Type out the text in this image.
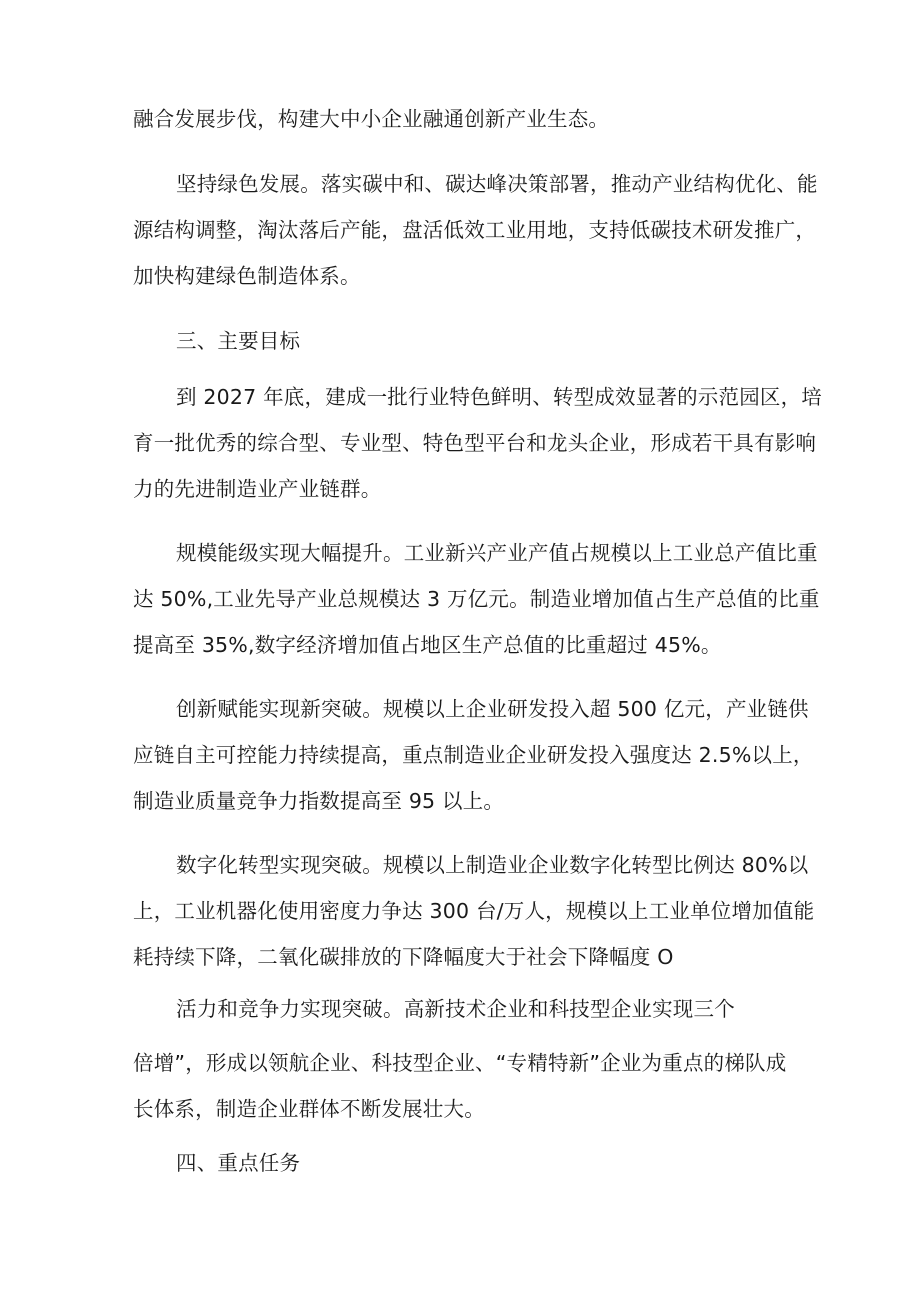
融合发展步伐，构建大中小企业融通创新产业生态。
坚持绿色发展。落实碳中和、碳达峰决策部署，推动产业结构优化、能
源结构调整，淘汰落后产能，盘活低效工业用地，支持低碳技术研发推广，
加快构建绿色制造体系。
三、主要目标
到 2027 年底，建成一批行业特色鲜明、转型成效显著的示范园区，培
育一批优秀的综合型、专业型、特色型平台和龙头企业，形成若干具有影响
力的先进制造业产业链群。
规模能级实现大幅提升。工业新兴产业产值占规模以上工业总产值比重
达 50%,工业先导产业总规模达 3 万亿元。制造业增加值占生产总值的比重
提高至 35%,数字经济增加值占地区生产总值的比重超过 45%。
创新赋能实现新突破。规模以上企业研发投入超 500 亿元，产业链供
应链自主可控能力持续提高，重点制造业企业研发投入强度达 2.5%以上，
制造业质量竞争力指数提高至 95 以上。
数字化转型实现突破。规模以上制造业企业数字化转型比例达 80%以
上，工业机器化使用密度力争达 300 台/万人，规模以上工业单位增加值能
耗持续下降，二氧化碳排放的下降幅度大于社会下降幅度 O
活力和竞争力实现突破。高新技术企业和科技型企业实现三个
倍增”，形成以领航企业、科技型企业、“专精特新”企业为重点的梯队成
长体系，制造企业群体不断发展壮大。
四、重点任务
